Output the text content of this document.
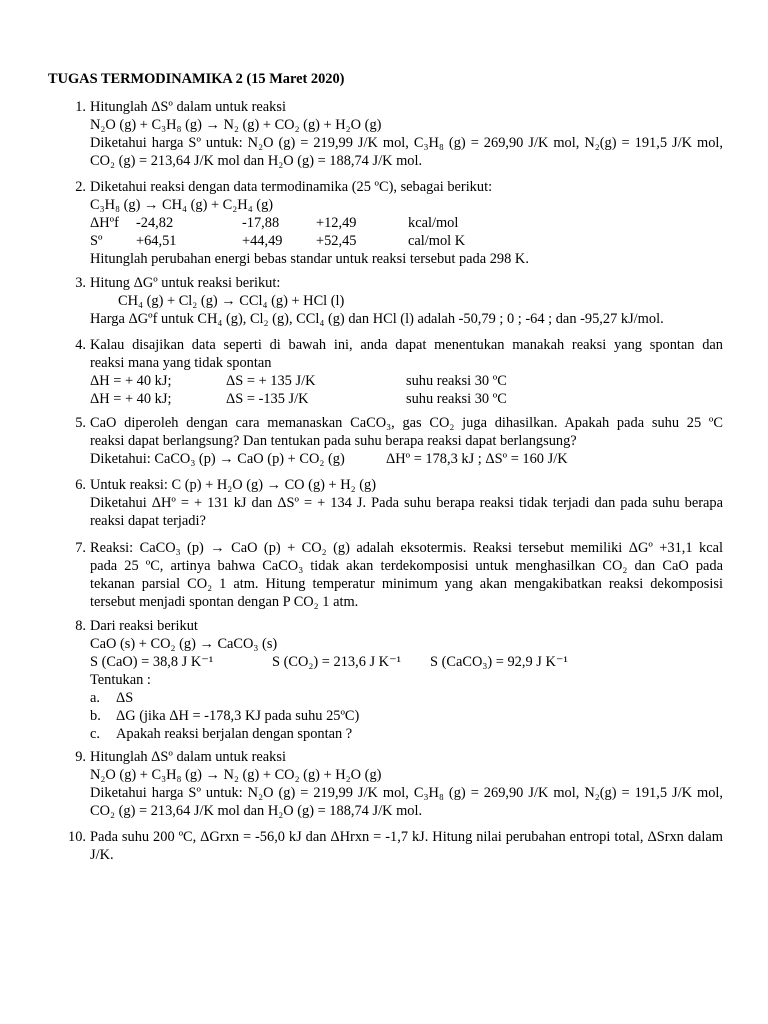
TUGAS TERMODINAMIKA 2 (15 Maret 2020)
1. Hitunglah ΔSº dalam untuk reaksi
N₂O (g) + C₃H₈ (g) → N₂ (g) + CO₂ (g) + H₂O (g)
Diketahui harga Sº untuk: N₂O (g) = 219,99 J/K mol, C₃H₈ (g) = 269,90 J/K mol, N₂(g) = 191,5 J/K mol,
CO₂ (g) = 213,64 J/K mol dan H₂O (g) = 188,74 J/K mol.
2. Diketahui reaksi dengan data termodinamika (25 ºC), sebagai berikut:
C₃H₈ (g) → CH₄ (g) + C₂H₄ (g)
ΔHºf -24,82	-17,88	+12,49	kcal/mol
Sº +64,51	+44,49 +52,45	cal/mol K
Hitunglah perubahan energi bebas standar untuk reaksi tersebut pada 298 K.
3. Hitung ΔGº untuk reaksi berikut:
CH₄ (g) + Cl₂ (g) → CCl₄ (g) + HCl (l)
Harga ΔGºf untuk CH₄ (g), Cl₂ (g), CCl₄ (g) dan HCl (l) adalah -50,79 ; 0 ; -64 ; dan -95,27 kJ/mol.
4. Kalau disajikan data seperti di bawah ini, anda dapat menentukan manakah reaksi yang spontan dan
reaksi mana yang tidak spontan
ΔH = + 40 kJ;	ΔS = + 135 J/K	suhu reaksi 30 ºC
ΔH = + 40 kJ;	ΔS = -135 J/K	suhu reaksi 30 ºC
5. CaO diperoleh dengan cara memanaskan CaCO₃, gas CO₂ juga dihasilkan. Apakah pada suhu 25 ºC
reaksi dapat berlangsung? Dan tentukan pada suhu berapa reaksi dapat berlangsung?
Diketahui: CaCO₃ (p) → CaO (p) + CO₂ (g)	ΔHº = 178,3 kJ ; ΔSº = 160 J/K
6. Untuk reaksi: C (p) + H₂O (g) → CO (g) + H₂ (g)
Diketahui ΔHº = + 131 kJ dan ΔSº = + 134 J. Pada suhu berapa reaksi tidak terjadi dan pada suhu berapa
reaksi dapat terjadi?
7. Reaksi: CaCO₃ (p) → CaO (p) + CO₂ (g) adalah eksotermis. Reaksi tersebut memiliki ΔGº +31,1 kcal
pada 25 ºC, artinya bahwa CaCO₃ tidak akan terdekomposisi untuk menghasilkan CO₂ dan CaO pada
tekanan parsial CO₂ 1 atm. Hitung temperatur minimum yang akan mengakibatkan reaksi dekomposisi
tersebut menjadi spontan dengan P CO₂ 1 atm.
8. Dari reaksi berikut
CaO (s) + CO₂ (g) → CaCO₃ (s)
S (CaO) = 38,8 J K⁻¹	S (CO₂) = 213,6 J K⁻¹ S (CaCO₃) = 92,9 J K⁻¹
Tentukan :
a. ΔS
b. ΔG (jika ΔH = -178,3 KJ pada suhu 25ºC)
c. Apakah reaksi berjalan dengan spontan ?
9. Hitunglah ΔSº dalam untuk reaksi
N₂O (g) + C₃H₈ (g) → N₂ (g) + CO₂ (g) + H₂O (g)
Diketahui harga Sº untuk: N₂O (g) = 219,99 J/K mol, C₃H₈ (g) = 269,90 J/K mol, N₂(g) = 191,5 J/K mol,
CO₂ (g) = 213,64 J/K mol dan H₂O (g) = 188,74 J/K mol.
10. Pada suhu 200 ºC, ΔGrxn = -56,0 kJ dan ΔHrxn = -1,7 kJ. Hitung nilai perubahan entropi total, ΔSrxn dalam
J/K.
